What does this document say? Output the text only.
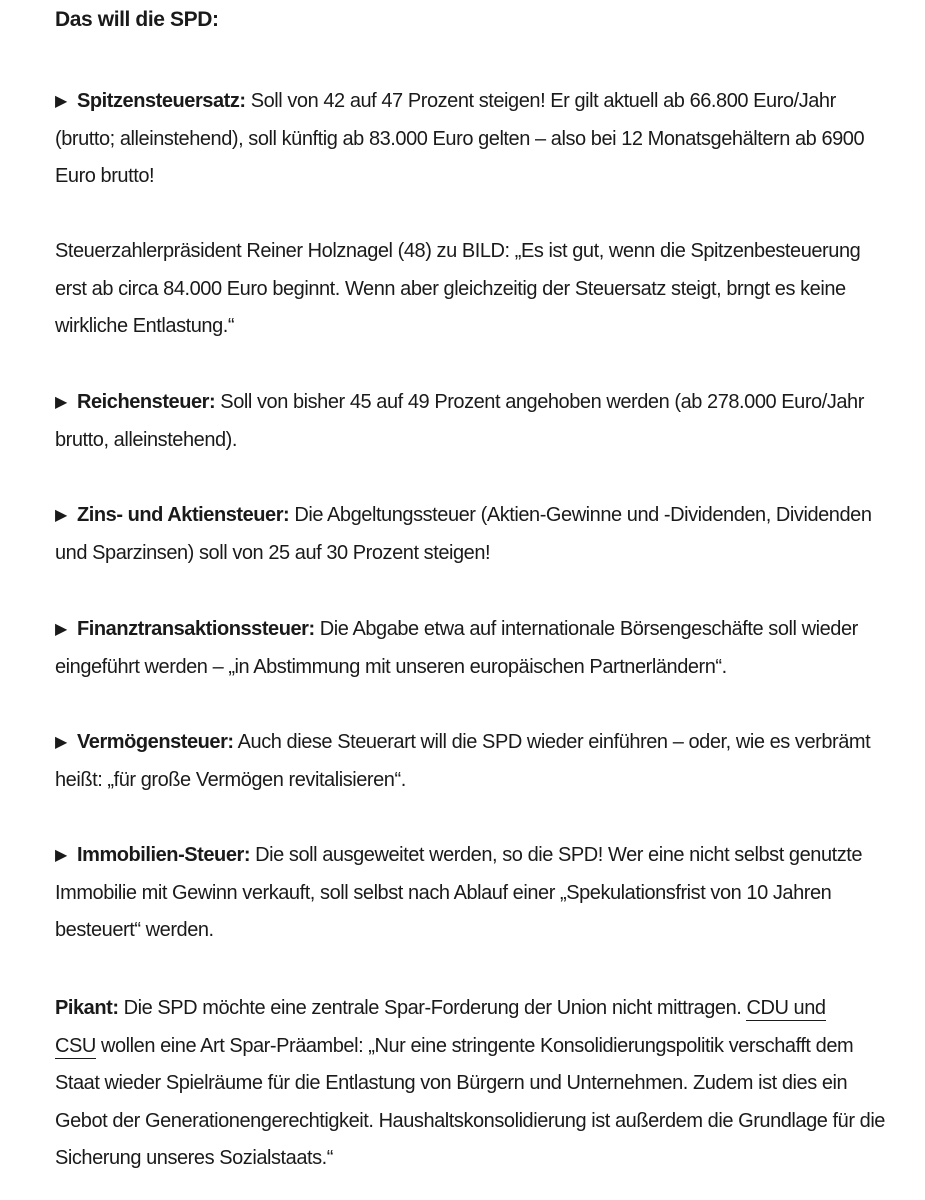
Das will die SPD:

▶ Spitzensteuersatz: Soll von 42 auf 47 Prozent steigen! Er gilt aktuell ab 66.800 Euro/Jahr (brutto; alleinstehend), soll künftig ab 83.000 Euro gelten – also bei 12 Monatsgehältern ab 6900 Euro brutto!

Steuerzahlerpräsident Reiner Holznagel (48) zu BILD: „Es ist gut, wenn die Spitzenbesteuerung erst ab circa 84.000 Euro beginnt. Wenn aber gleichzeitig der Steuersatz steigt, brngt es keine wirkliche Entlastung.“

▶ Reichensteuer: Soll von bisher 45 auf 49 Prozent angehoben werden (ab 278.000 Euro/Jahr brutto, alleinstehend).

▶ Zins- und Aktiensteuer: Die Abgeltungssteuer (Aktien-Gewinne und -Dividenden, Dividenden und Sparzinsen) soll von 25 auf 30 Prozent steigen!

▶ Finanztransaktionssteuer: Die Abgabe etwa auf internationale Börsengeschäfte soll wieder eingeführt werden – „in Abstimmung mit unseren europäischen Partnerländern“.

▶ Vermögensteuer: Auch diese Steuerart will die SPD wieder einführen – oder, wie es verbrämt heißt: „für große Vermögen revitalisieren“.

▶ Immobilien-Steuer: Die soll ausgeweitet werden, so die SPD! Wer eine nicht selbst genutzte Immobilie mit Gewinn verkauft, soll selbst nach Ablauf einer „Spekulationsfrist von 10 Jahren besteuert“ werden.

Pikant: Die SPD möchte eine zentrale Spar-Forderung der Union nicht mittragen. CDU und
CSU wollen eine Art Spar-Präambel: „Nur eine stringente Konsolidierungspolitik verschafft dem Staat wieder Spielräume für die Entlastung von Bürgern und Unternehmen. Zudem ist dies ein Gebot der Generationengerechtigkeit. Haushaltskonsolidierung ist außerdem die Grundlage für die Sicherung unseres Sozialstaats.“
